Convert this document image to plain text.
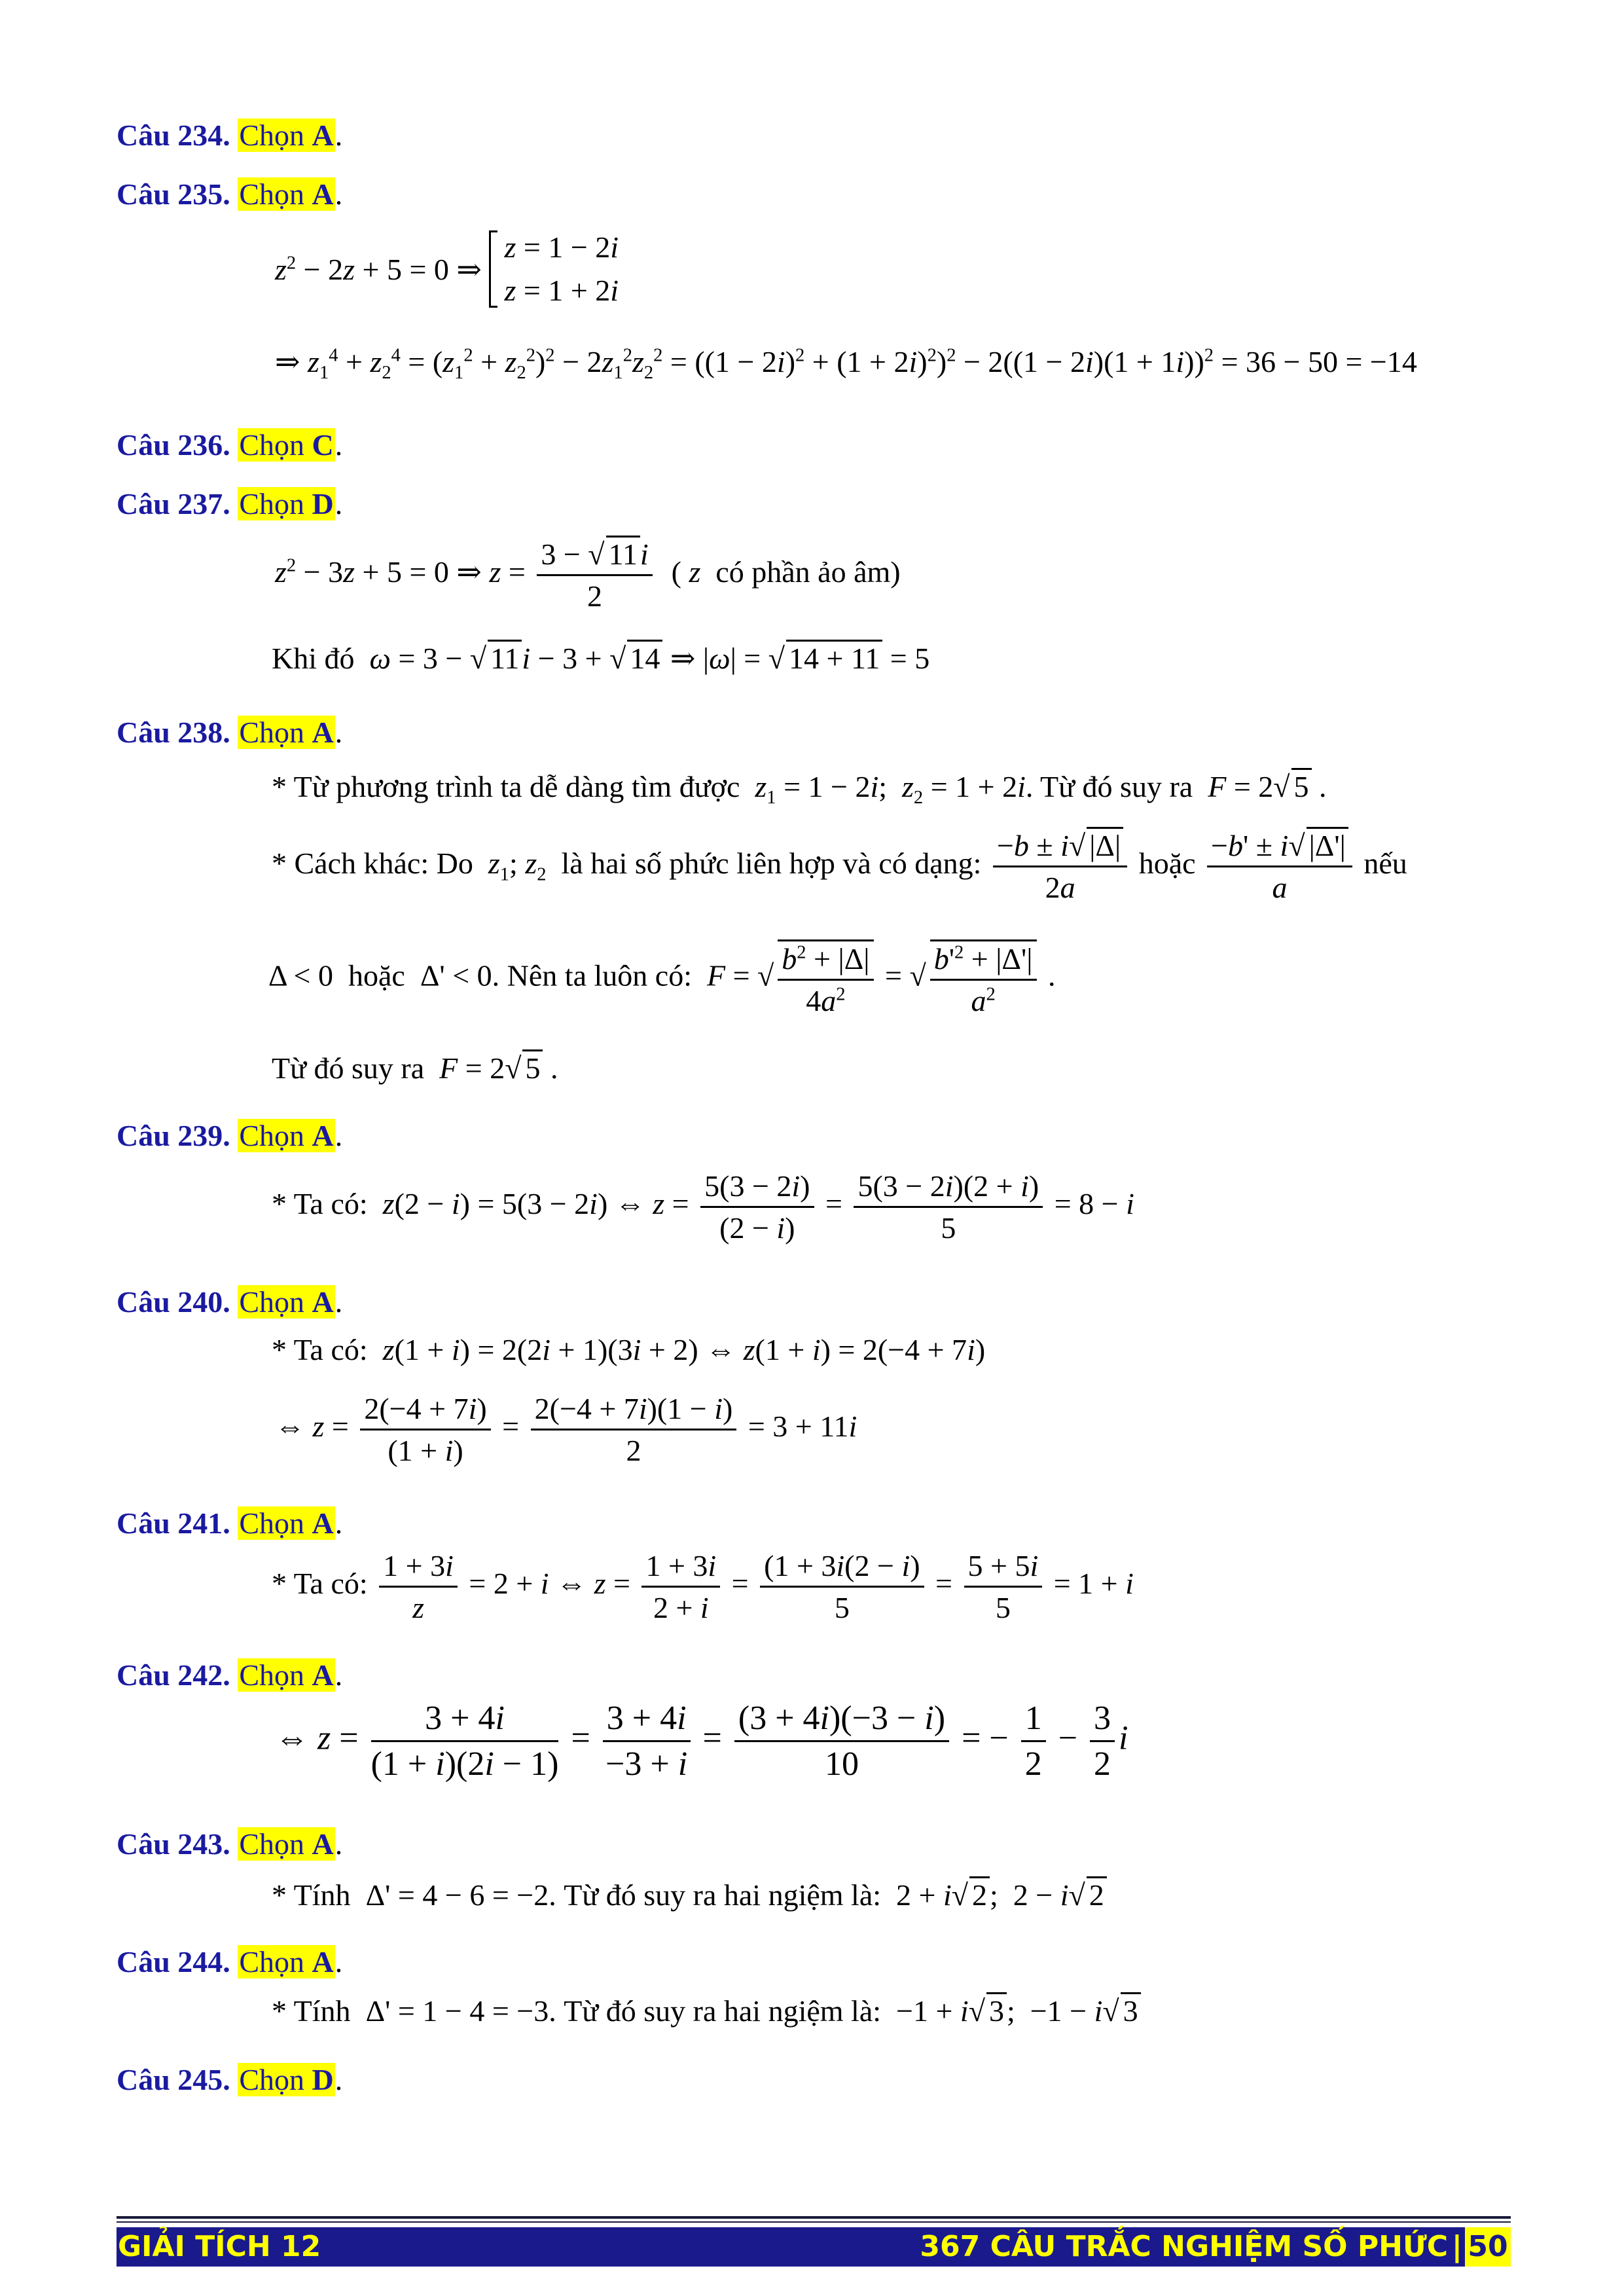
Câu 234. Chọn A.
Câu 235. Chọn A.
$z^2 - 2z + 5 = 0$ ⇒ z = 1 − 2i
z = 1 + 2i
⇒ $z_1^4 + z_2^4 = (z_1^2 + z_2^2)^2 - 2z_1^2z_2^2 = ((1 - 2i)^2 + (1 + 2i)^2)^2 - 2((1 - 2i)(1 + 1i))^2 = 36 - 50 = -14$
Câu 236. Chọn C.
Câu 237. Chọn D.
$z^2 - 3z + 5 = 0$ ⇒ $z = \frac{3 - √ 11i}{2}$ ( z có phần ảo âm)
Khi đó ω = 3 − √ 11i − 3 + √ 14 ⇒ |ω| = √ 14 + 11 = 5
Câu 238. Chọn A.
* Từ phương trình ta dễ dàng tìm được $z_1 = 1 - 2i$;  $z_2 = 1 + 2i$. Từ đó suy ra F = 2√ 5 .
* Cách khác: Do $z_1$; $z_2$ là hai số phức liên hợp và có dạng: $\frac{-b \pm i√ |\Delta|}{2a}$ hoặc $\frac{-b' \pm i√ |\Delta'|}{a}$ nếu
Δ < 0  hoặc  Δ' < 0. Nên ta luôn có: F = √ $\frac{b^2 + |\Delta|}{4a^2}$ = √ $\frac{b'^2 + |\Delta'|}{a^2}$ .
Từ đó suy ra F = 2√ 5 .
Câu 239. Chọn A.
* Ta có: z(2 − i) = 5(3 − 2i) ⇔ $z = \frac{5(3 - 2i)}{(2 - i)} = \frac{5(3 - 2i)(2 + i)}{5} = 8 - i$
Câu 240. Chọn A.
* Ta có: z(1 + i) = 2(2i + 1)(3i + 2) ⇔ z(1 + i) = 2(−4 + 7i)
⇔ $z = \frac{2(-4 + 7i)}{(1 + i)} = \frac{2(-4 + 7i)(1 - i)}{2} = 3 + 11i$
Câu 241. Chọn A.
* Ta có: $\frac{1 + 3i}{z} = 2 + i$ ⇔ $z = \frac{1 + 3i}{2 + i} = \frac{(1 + 3i(2 - i)}{5} = \frac{5 + 5i}{5} = 1 + i$
Câu 242. Chọn A.
⇔ $z = \frac{3 + 4i}{(1 + i)(2i - 1)} = \frac{3 + 4i}{-3 + i} = \frac{(3 + 4i)(-3 - i)}{10}$ = − $\frac{1}{2} - \frac{3}{2}$ i
Câu 243. Chọn A.
* Tính  Δ' = 4 − 6 = −2. Từ đó suy ra hai ngiệm là:  2 + i√ 2;  2 − i√ 2
Câu 244. Chọn A.
* Tính  Δ' = 1 − 4 = −3. Từ đó suy ra hai ngiệm là:  −1 + i√ 3;  −1 − i√ 3
Câu 245. Chọn D.
GIẢI TÍCH 12	367 CÂU TRẮC NGHIỆM SỐ PHỨC | 50
